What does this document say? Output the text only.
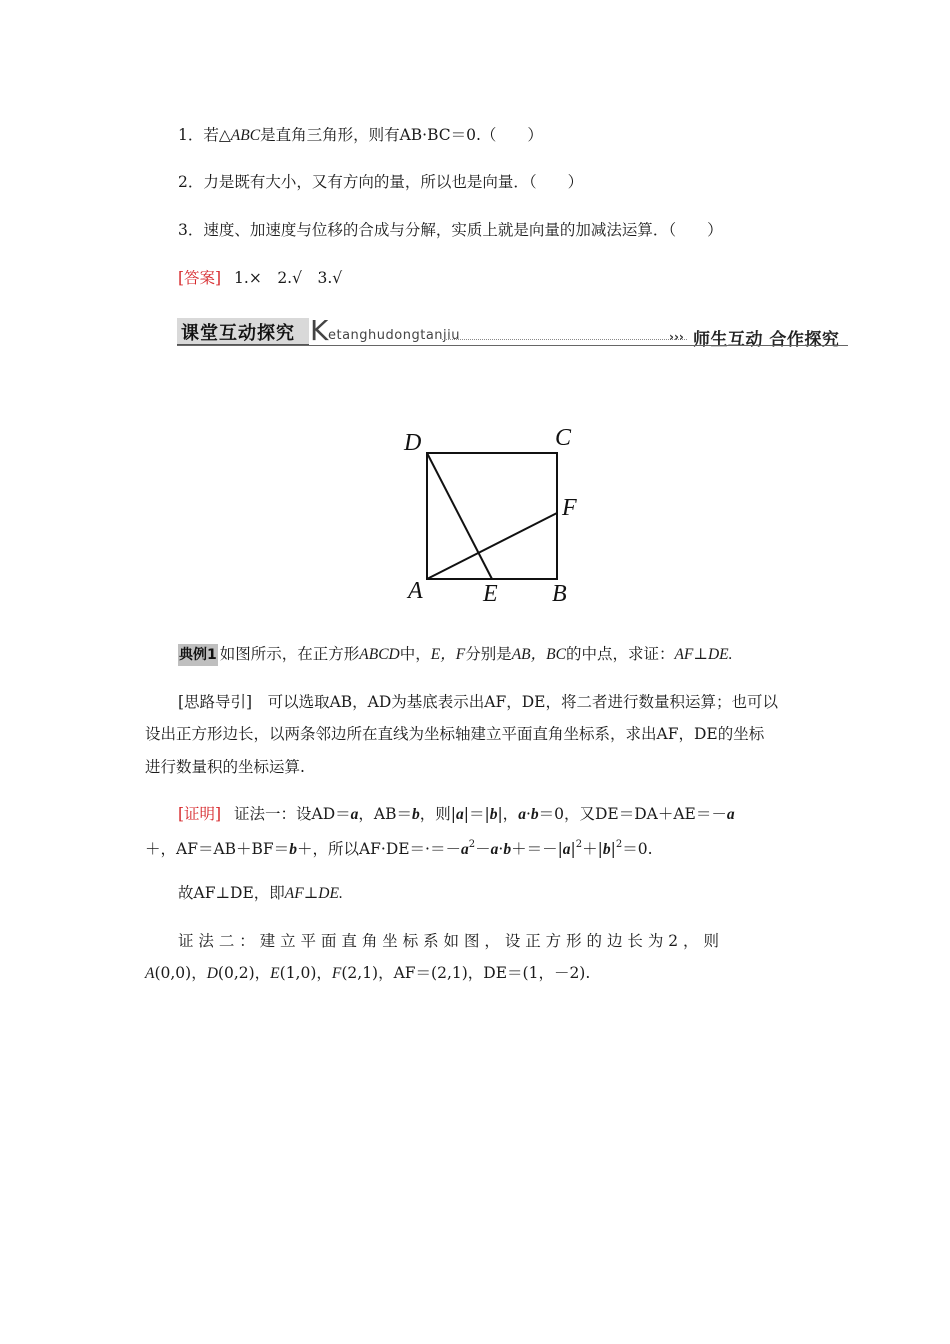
1．若△ABC是直角三角形，则有AB·BC＝0.（　　）
2．力是既有大小，又有方向的量，所以也是向量．（　　）
3．速度、加速度与位移的合成与分解，实质上就是向量的加减法运算．（　　）
[答案] 1.×　2.√　3.√
课堂互动探究 K etanghudongtanjiu	››› 师生互动 合作探究
D	C
F
A	E B
典例1 如图所示，在正方形ABCD中，E，F分别是AB，BC的中点，求证：AF⊥DE.
[思路导引]　可以选取AB，AD为基底表示出AF，DE，将二者进行数量积运算；也可以
设出正方形边长，以两条邻边所在直线为坐标轴建立平面直角坐标系，求出AF，DE的坐标
进行数量积的坐标运算.
[证明] 证法一：设AD＝a，AB＝b，则|a|＝|b|，a·b＝0，又DE＝DA＋AE＝－a
＋，AF＝AB＋BF＝b＋，所以$AF\cdot DE=\cdot=-a^2-a\cdot b+=-|a|^2+|b|^2=0$.
故AF⊥DE，即AF⊥DE.
证 法 二 ： 建 立 平 面 直 角 坐 标 系 如 图 ， 设 正 方 形 的 边 长 为 2 ， 则
A(0,0)，D(0,2)，E(1,0)，F(2,1)，AF＝(2,1)，DE＝(1，－2).
